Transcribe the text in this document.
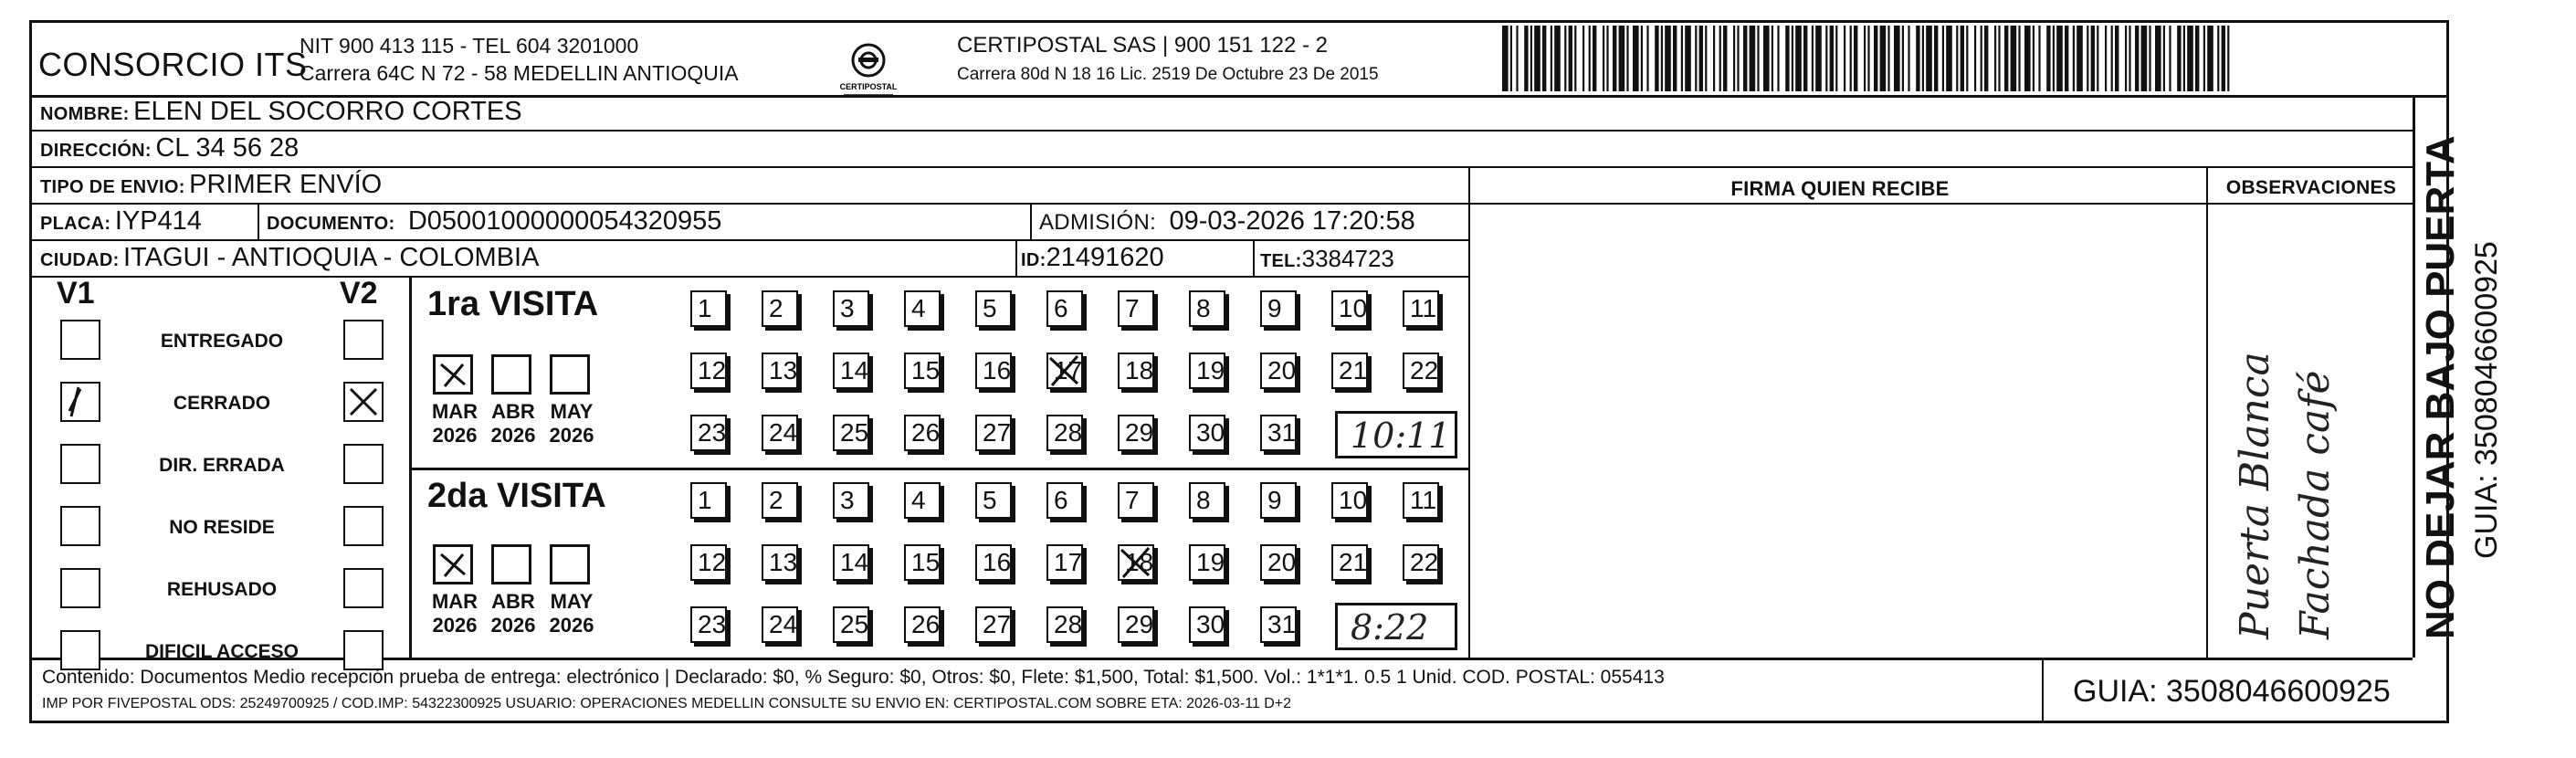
CONSORCIO ITS
NIT 900 413 115 - TEL 604 3201000
Carrera 64C N 72 - 58 MEDELLIN ANTIOQUIA
CERTIPOSTAL
CERTIPOSTAL SAS | 900 151 122 - 2
Carrera 80d N 18 16 Lic. 2519 De Octubre 23 De 2015
NOMBRE: ELEN DEL SOCORRO CORTES
DIRECCIÓN: CL 34 56 28
TIPO DE ENVIO: PRIMER ENVÍO	FIRMA QUIEN RECIBE	OBSERVACIONES
PLACA: IYP414	DOCUMENTO: D05001000000054320955	ADMISIÓN: 09-03-2026 17:20:58
CIUDAD: ITAGUI - ANTIOQUIA - COLOMBIA	ID:21491620	TEL:3384723
V1	V2
ENTREGADO
CERRADO
DIR. ERRADA
NO RESIDE
REHUSADO
DIFICIL ACCESO
1ra VISITA
MAR
2026
ABR
2026
MAY
2026
1	2	3	4	5	6	7	8	9	10 11
12 13 14 15 16 17 18 19 20 21 22
23 24 25 26 27 28 29 30 31 10:11
2da VISITA
MAR
2026
ABR
2026
MAY
2026
1	2	3	4	5	6	7	8	9	10 11
12 13 14 15 16 17 18 19 20 21 22
23 24 25 26 27 28 29 30 31 8:22	Puerta Blanca Fachada café NO DEJAR BAJO PUERTA GUIA: 3508046600925
Contenido: Documentos Medio recepción prueba de entrega: electrónico | Declarado: $0, % Seguro: $0, Otros: $0, Flete: $1,500, Total: $1,500. Vol.: 1*1*1. 0.5 1 Unid. COD. POSTAL: 055413
IMP POR FIVEPOSTAL ODS: 25249700925 / COD.IMP: 54322300925 USUARIO: OPERACIONES MEDELLIN CONSULTE SU ENVIO EN: CERTIPOSTAL.COM SOBRE ETA: 2026-03-11 D+2	GUIA: 3508046600925
